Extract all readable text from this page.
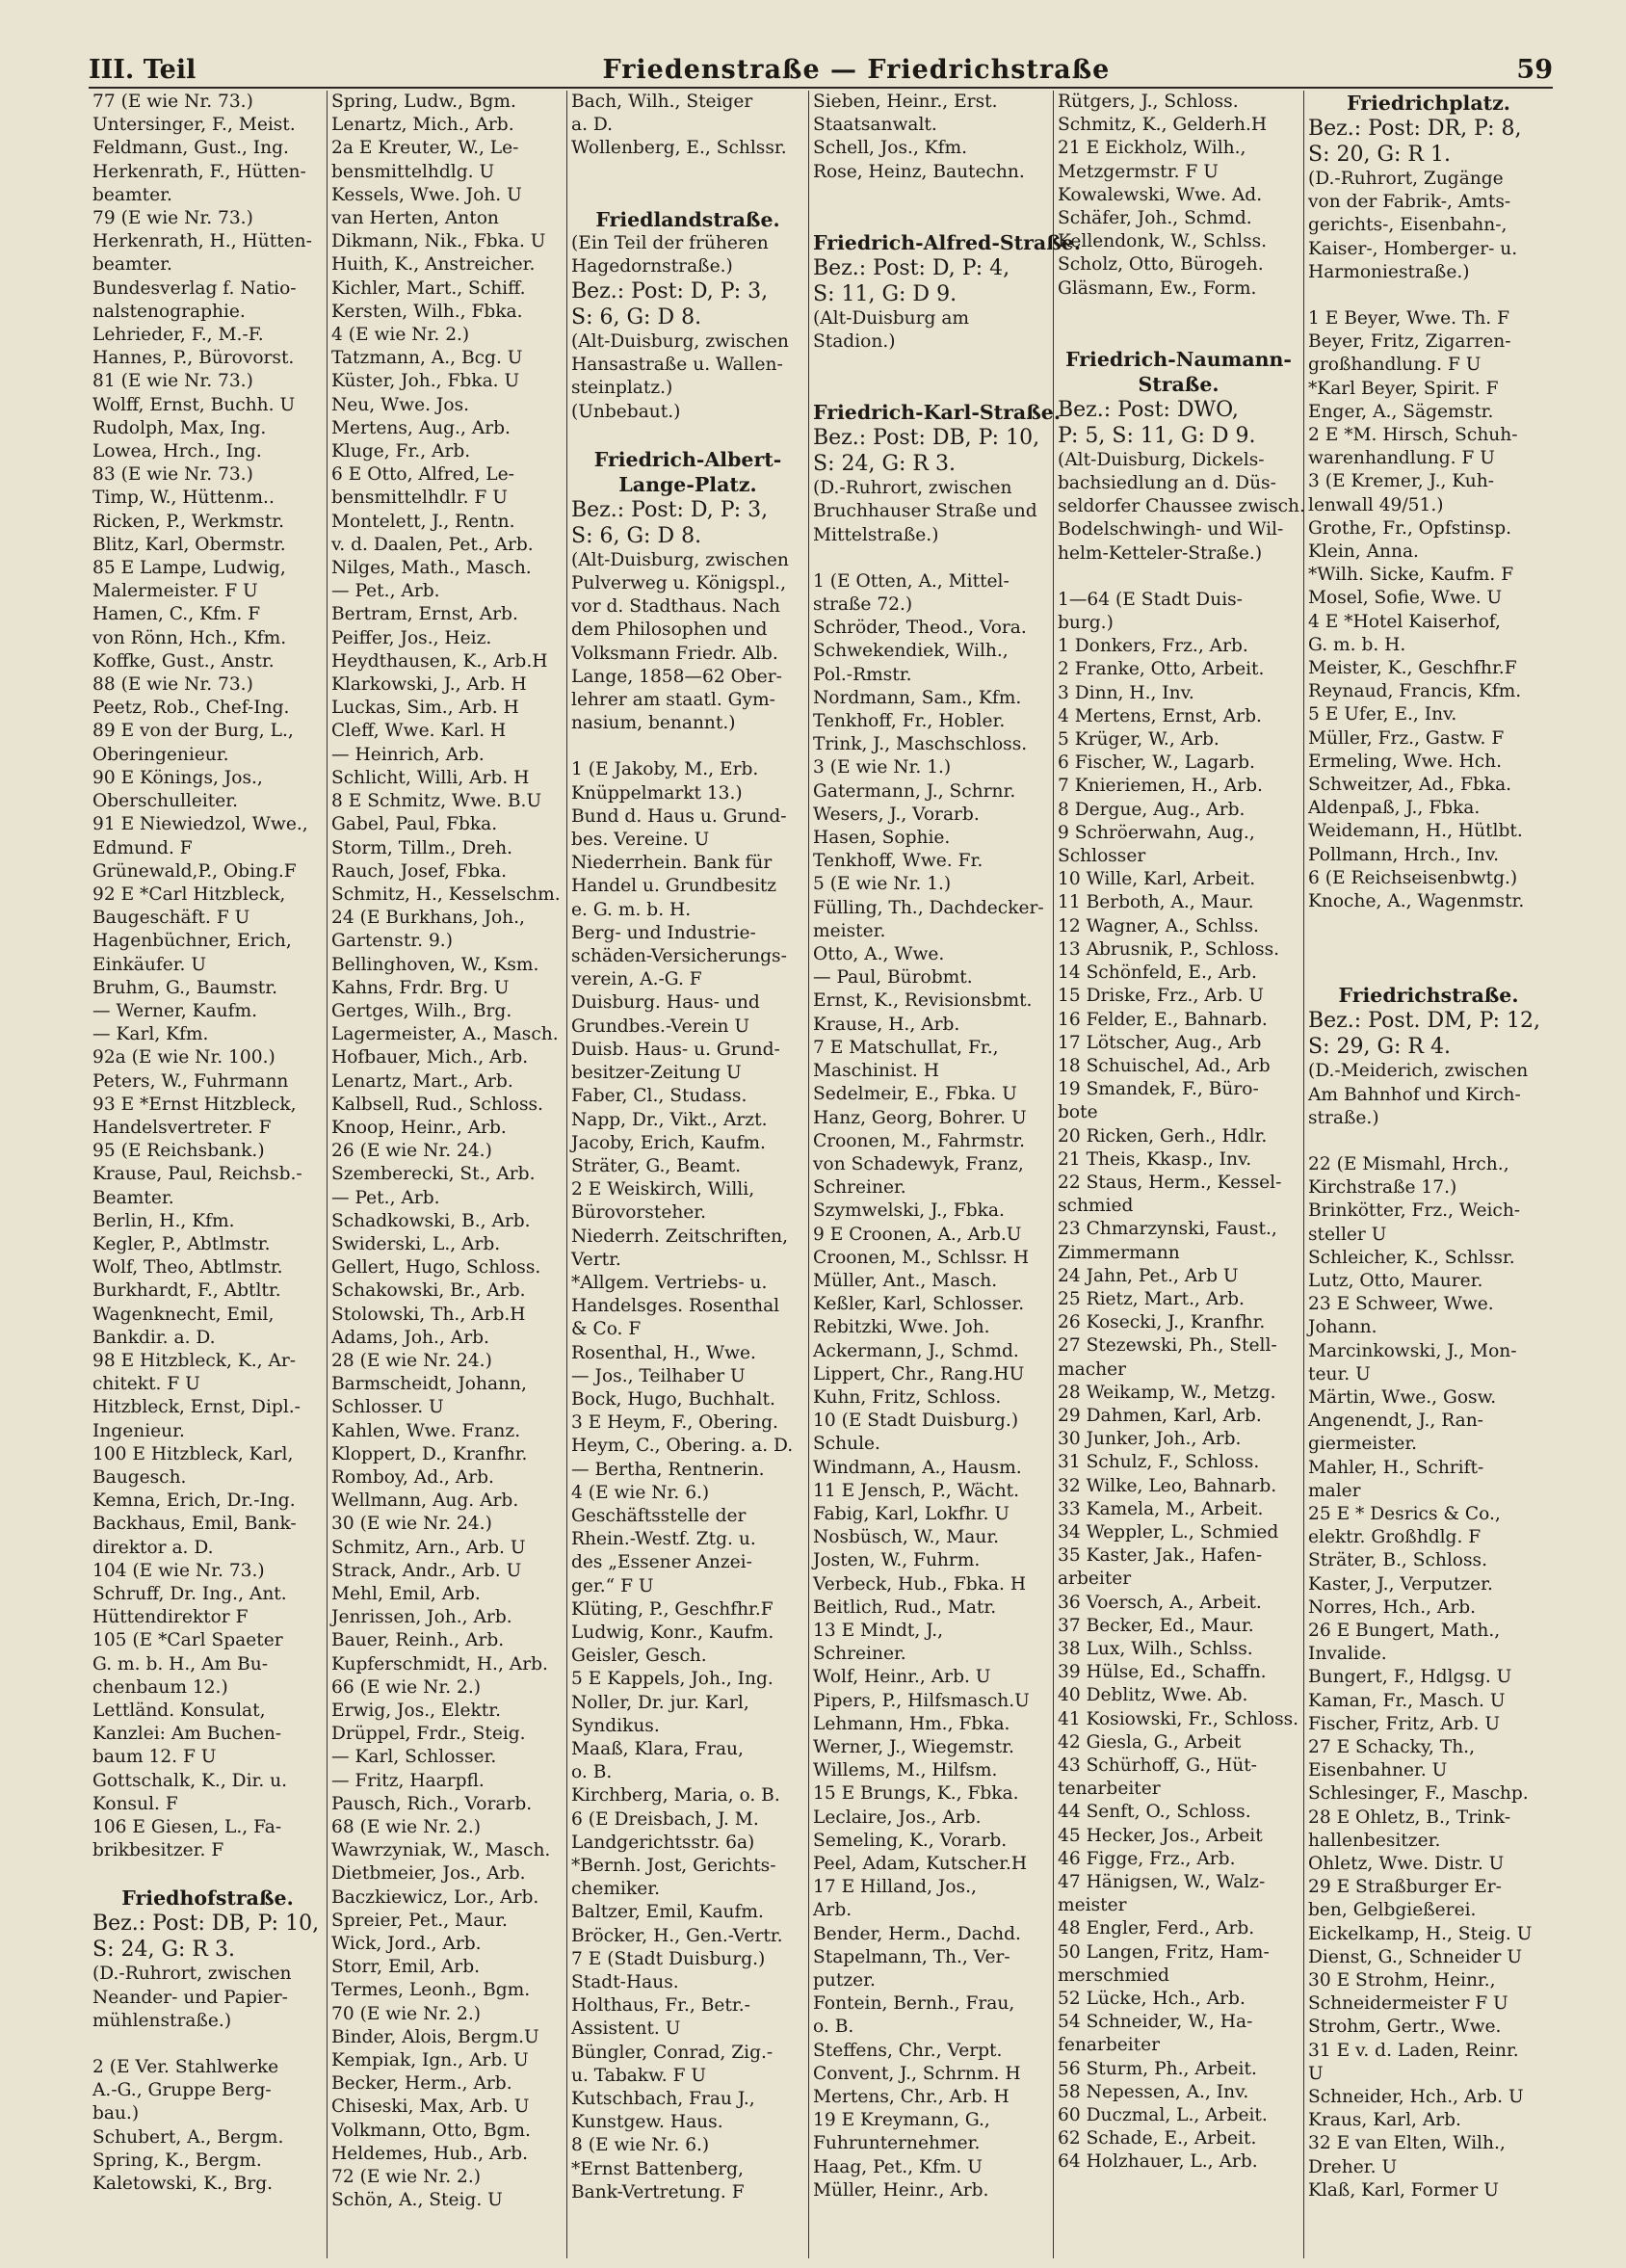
III. Teil	Friedenstraße — Friedrichstraße	59
77 (E wie Nr. 73.)
Untersinger, F., Meist.
Feldmann, Gust., Ing.
Herkenrath, F., Hütten-
beamter.
79 (E wie Nr. 73.)
Herkenrath, H., Hütten-
beamter.
Bundesverlag f. Natio-
nalstenographie.
Lehrieder, F., M.-F.
Hannes, P., Bürovorst.
81 (E wie Nr. 73.)
Wolff, Ernst, Buchh. U
Rudolph, Max, Ing.
Lowea, Hrch., Ing.
83 (E wie Nr. 73.)
Timp, W., Hüttenm..
Ricken, P., Werkmstr.
Blitz, Karl, Obermstr.
85 E Lampe, Ludwig,
Malermeister. F U
Hamen, C., Kfm. F
von Rönn, Hch., Kfm.
Koffke, Gust., Anstr.
88 (E wie Nr. 73.)
Peetz, Rob., Chef-Ing.
89 E von der Burg, L.,
Oberingenieur.
90 E Könings, Jos.,
Oberschulleiter.
91 E Niewiedzol, Wwe.,
Edmund. F
Grünewald,P., Obing.F
92 E *Carl Hitzbleck,
Baugeschäft. F U
Hagenbüchner, Erich,
Einkäufer. U
Bruhm, G., Baumstr.
— Werner, Kaufm.
— Karl, Kfm.
92a (E wie Nr. 100.)
Peters, W., Fuhrmann
93 E *Ernst Hitzbleck,
Handelsvertreter. F
95 (E Reichsbank.)
Krause, Paul, Reichsb.-
Beamter.
Berlin, H., Kfm.
Kegler, P., Abtlmstr.
Wolf, Theo, Abtlmstr.
Burkhardt, F., Abtltr.
Wagenknecht, Emil,
Bankdir. a. D.
98 E Hitzbleck, K., Ar-
chitekt. F U
Hitzbleck, Ernst, Dipl.-
Ingenieur.
100 E Hitzbleck, Karl,
Baugesch.
Kemna, Erich, Dr.-Ing.
Backhaus, Emil, Bank-
direktor a. D.
104 (E wie Nr. 73.)
Schruff, Dr. Ing., Ant.
Hüttendirektor F
105 (E *Carl Spaeter
G. m. b. H., Am Bu-
chenbaum 12.)
Lettländ. Konsulat,
Kanzlei: Am Buchen-
baum 12. F U
Gottschalk, K., Dir. u.
Konsul. F
106 E Giesen, L., Fa-
brikbesitzer. F
Friedhofstraße.
Bez.: Post: DB, P: 10,
S: 24, G: R 3.
(D.-Ruhrort, zwischen
Neander- und Papier-
mühlenstraße.)
2 (E Ver. Stahlwerke
A.-G., Gruppe Berg-
bau.)
Schubert, A., Bergm.
Spring, K., Bergm.
Kaletowski, K., Brg.
Spring, Ludw., Bgm.
Lenartz, Mich., Arb.
2a E Kreuter, W., Le-
bensmittelhdlg. U
Kessels, Wwe. Joh. U
van Herten, Anton
Dikmann, Nik., Fbka. U
Huith, K., Anstreicher.
Kichler, Mart., Schiff.
Kersten, Wilh., Fbka.
4 (E wie Nr. 2.)
Tatzmann, A., Bcg. U
Küster, Joh., Fbka. U
Neu, Wwe. Jos.
Mertens, Aug., Arb.
Kluge, Fr., Arb.
6 E Otto, Alfred, Le-
bensmittelhdlr. F U
Montelett, J., Rentn.
v. d. Daalen, Pet., Arb.
Nilges, Math., Masch.
— Pet., Arb.
Bertram, Ernst, Arb.
Peiffer, Jos., Heiz.
Heydthausen, K., Arb.H
Klarkowski, J., Arb. H
Luckas, Sim., Arb. H
Cleff, Wwe. Karl. H
— Heinrich, Arb.
Schlicht, Willi, Arb. H
8 E Schmitz, Wwe. B.U
Gabel, Paul, Fbka.
Storm, Tillm., Dreh.
Rauch, Josef, Fbka.
Schmitz, H., Kesselschm.
24 (E Burkhans, Joh.,
Gartenstr. 9.)
Bellinghoven, W., Ksm.
Kahns, Frdr. Brg. U
Gertges, Wilh., Brg.
Lagermeister, A., Masch.
Hofbauer, Mich., Arb.
Lenartz, Mart., Arb.
Kalbsell, Rud., Schloss.
Knoop, Heinr., Arb.
26 (E wie Nr. 24.)
Szemberecki, St., Arb.
— Pet., Arb.
Schadkowski, B., Arb.
Swiderski, L., Arb.
Gellert, Hugo, Schloss.
Schakowski, Br., Arb.
Stolowski, Th., Arb.H
Adams, Joh., Arb.
28 (E wie Nr. 24.)
Barmscheidt, Johann,
Schlosser. U
Kahlen, Wwe. Franz.
Kloppert, D., Kranfhr.
Romboy, Ad., Arb.
Wellmann, Aug. Arb.
30 (E wie Nr. 24.)
Schmitz, Arn., Arb. U
Strack, Andr., Arb. U
Mehl, Emil, Arb.
Jenrissen, Joh., Arb.
Bauer, Reinh., Arb.
Kupferschmidt, H., Arb.
66 (E wie Nr. 2.)
Erwig, Jos., Elektr.
Drüppel, Frdr., Steig.
— Karl, Schlosser.
— Fritz, Haarpfl.
Pausch, Rich., Vorarb.
68 (E wie Nr. 2.)
Wawrzyniak, W., Masch.
Dietbmeier, Jos., Arb.
Baczkiewicz, Lor., Arb.
Spreier, Pet., Maur.
Wick, Jord., Arb.
Storr, Emil, Arb.
Termes, Leonh., Bgm.
70 (E wie Nr. 2.)
Binder, Alois, Bergm.U
Kempiak, Ign., Arb. U
Becker, Herm., Arb.
Chiseski, Max, Arb. U
Volkmann, Otto, Bgm.
Heldemes, Hub., Arb.
72 (E wie Nr. 2.)
Schön, A., Steig. U
Bach, Wilh., Steiger
a. D.
Wollenberg, E., Schlssr.
Friedlandstraße.
(Ein Teil der früheren
Hagedornstraße.)
Bez.: Post: D, P: 3,
S: 6, G: D 8.
(Alt-Duisburg, zwischen
Hansastraße u. Wallen-
steinplatz.)
(Unbebaut.)
Friedrich-Albert-
Lange-Platz.
Bez.: Post: D, P: 3,
S: 6, G: D 8.
(Alt-Duisburg, zwischen
Pulverweg u. Königspl.,
vor d. Stadthaus. Nach
dem Philosophen und
Volksmann Friedr. Alb.
Lange, 1858—62 Ober-
lehrer am staatl. Gym-
nasium, benannt.)
1 (E Jakoby, M., Erb.
Knüppelmarkt 13.)
Bund d. Haus u. Grund-
bes. Vereine. U
Niederrhein. Bank für
Handel u. Grundbesitz
e. G. m. b. H.
Berg- und Industrie-
schäden-Versicherungs-
verein, A.-G. F
Duisburg. Haus- und
Grundbes.-Verein U
Duisb. Haus- u. Grund-
besitzer-Zeitung U
Faber, Cl., Studass.
Napp, Dr., Vikt., Arzt.
Jacoby, Erich, Kaufm.
Sträter, G., Beamt.
2 E Weiskirch, Willi,
Bürovorsteher.
Niederrh. Zeitschriften,
Vertr.
*Allgem. Vertriebs- u.
Handelsges. Rosenthal
& Co. F
Rosenthal, H., Wwe.
— Jos., Teilhaber U
Bock, Hugo, Buchhalt.
3 E Heym, F., Obering.
Heym, C., Obering. a. D.
— Bertha, Rentnerin.
4 (E wie Nr. 6.)
Geschäftsstelle der
Rhein.-Westf. Ztg. u.
des „Essener Anzei-
ger.“ F U
Klüting, P., Geschfhr.F
Ludwig, Konr., Kaufm.
Geisler, Gesch.
5 E Kappels, Joh., Ing.
Noller, Dr. jur. Karl,
Syndikus.
Maaß, Klara, Frau,
o. B.
Kirchberg, Maria, o. B.
6 (E Dreisbach, J. M.
Landgerichtsstr. 6a)
*Bernh. Jost, Gerichts-
chemiker.
Baltzer, Emil, Kaufm.
Bröcker, H., Gen.-Vertr.
7 E (Stadt Duisburg.)
Stadt-Haus.
Holthaus, Fr., Betr.-
Assistent. U
Büngler, Conrad, Zig.-
u. Tabakw. F U
Kutschbach, Frau J.,
Kunstgew. Haus.
8 (E wie Nr. 6.)
*Ernst Battenberg,
Bank-Vertretung. F
Sieben, Heinr., Erst.
Staatsanwalt.
Schell, Jos., Kfm.
Rose, Heinz, Bautechn.
Friedrich-Alfred-Straße.
Bez.: Post: D, P: 4,
S: 11, G: D 9.
(Alt-Duisburg am
Stadion.)
Friedrich-Karl-Straße.
Bez.: Post: DB, P: 10,
S: 24, G: R 3.
(D.-Ruhrort, zwischen
Bruchhauser Straße und
Mittelstraße.)
1 (E Otten, A., Mittel-
straße 72.)
Schröder, Theod., Vora.
Schwekendiek, Wilh.,
Pol.-Rmstr.
Nordmann, Sam., Kfm.
Tenkhoff, Fr., Hobler.
Trink, J., Maschschloss.
3 (E wie Nr. 1.)
Gatermann, J., Schrnr.
Wesers, J., Vorarb.
Hasen, Sophie.
Tenkhoff, Wwe. Fr.
5 (E wie Nr. 1.)
Fülling, Th., Dachdecker-
meister.
Otto, A., Wwe.
— Paul, Bürobmt.
Ernst, K., Revisionsbmt.
Krause, H., Arb.
7 E Matschullat, Fr.,
Maschinist. H
Sedelmeir, E., Fbka. U
Hanz, Georg, Bohrer. U
Croonen, M., Fahrmstr.
von Schadewyk, Franz,
Schreiner.
Szymwelski, J., Fbka.
9 E Croonen, A., Arb.U
Croonen, M., Schlssr. H
Müller, Ant., Masch.
Keßler, Karl, Schlosser.
Rebitzki, Wwe. Joh.
Ackermann, J., Schmd.
Lippert, Chr., Rang.HU
Kuhn, Fritz, Schloss.
10 (E Stadt Duisburg.)
Schule.
Windmann, A., Hausm.
11 E Jensch, P., Wächt.
Fabig, Karl, Lokfhr. U
Nosbüsch, W., Maur.
Josten, W., Fuhrm.
Verbeck, Hub., Fbka. H
Beitlich, Rud., Matr.
13 E Mindt, J.,
Schreiner.
Wolf, Heinr., Arb. U
Pipers, P., Hilfsmasch.U
Lehmann, Hm., Fbka.
Werner, J., Wiegemstr.
Willems, M., Hilfsm.
15 E Brungs, K., Fbka.
Leclaire, Jos., Arb.
Semeling, K., Vorarb.
Peel, Adam, Kutscher.H
17 E Hilland, Jos.,
Arb.
Bender, Herm., Dachd.
Stapelmann, Th., Ver-
putzer.
Fontein, Bernh., Frau,
o. B.
Steffens, Chr., Verpt.
Convent, J., Schrnm. H
Mertens, Chr., Arb. H
19 E Kreymann, G.,
Fuhrunternehmer.
Haag, Pet., Kfm. U
Müller, Heinr., Arb.
Rütgers, J., Schloss.
Schmitz, K., Gelderh.H
21 E Eickholz, Wilh.,
Metzgermstr. F U
Kowalewski, Wwe. Ad.
Schäfer, Joh., Schmd.
Kellendonk, W., Schlss.
Scholz, Otto, Bürogeh.
Gläsmann, Ew., Form.
Friedrich-Naumann-
Straße.
Bez.: Post: DWO,
P: 5, S: 11, G: D 9.
(Alt-Duisburg, Dickels-
bachsiedlung an d. Düs-
seldorfer Chaussee zwisch.
Bodelschwingh- und Wil-
helm-Ketteler-Straße.)
1—64 (E Stadt Duis-
burg.)
1 Donkers, Frz., Arb.
2 Franke, Otto, Arbeit.
3 Dinn, H., Inv.
4 Mertens, Ernst, Arb.
5 Krüger, W., Arb.
6 Fischer, W., Lagarb.
7 Knieriemen, H., Arb.
8 Dergue, Aug., Arb.
9 Schröerwahn, Aug.,
Schlosser
10 Wille, Karl, Arbeit.
11 Berboth, A., Maur.
12 Wagner, A., Schlss.
13 Abrusnik, P., Schloss.
14 Schönfeld, E., Arb.
15 Driske, Frz., Arb. U
16 Felder, E., Bahnarb.
17 Lötscher, Aug., Arb
18 Schuischel, Ad., Arb
19 Smandek, F., Büro-
bote
20 Ricken, Gerh., Hdlr.
21 Theis, Kkasp., Inv.
22 Staus, Herm., Kessel-
schmied
23 Chmarzynski, Faust.,
Zimmermann
24 Jahn, Pet., Arb U
25 Rietz, Mart., Arb.
26 Kosecki, J., Kranfhr.
27 Stezewski, Ph., Stell-
macher
28 Weikamp, W., Metzg.
29 Dahmen, Karl, Arb.
30 Junker, Joh., Arb.
31 Schulz, F., Schloss.
32 Wilke, Leo, Bahnarb.
33 Kamela, M., Arbeit.
34 Weppler, L., Schmied
35 Kaster, Jak., Hafen-
arbeiter
36 Voersch, A., Arbeit.
37 Becker, Ed., Maur.
38 Lux, Wilh., Schlss.
39 Hülse, Ed., Schaffn.
40 Deblitz, Wwe. Ab.
41 Kosiowski, Fr., Schloss.
42 Giesla, G., Arbeit
43 Schürhoff, G., Hüt-
tenarbeiter
44 Senft, O., Schloss.
45 Hecker, Jos., Arbeit
46 Figge, Frz., Arb.
47 Hänigsen, W., Walz-
meister
48 Engler, Ferd., Arb.
50 Langen, Fritz, Ham-
merschmied
52 Lücke, Hch., Arb.
54 Schneider, W., Ha-
fenarbeiter
56 Sturm, Ph., Arbeit.
58 Nepessen, A., Inv.
60 Duczmal, L., Arbeit.
62 Schade, E., Arbeit.
64 Holzhauer, L., Arb.
Friedrichplatz.
Bez.: Post: DR, P: 8,
S: 20, G: R 1.
(D.-Ruhrort, Zugänge
von der Fabrik-, Amts-
gerichts-, Eisenbahn-,
Kaiser-, Homberger- u.
Harmoniestraße.)
1 E Beyer, Wwe. Th. F
Beyer, Fritz, Zigarren-
großhandlung. F U
*Karl Beyer, Spirit. F
Enger, A., Sägemstr.
2 E *M. Hirsch, Schuh-
warenhandlung. F U
3 (E Kremer, J., Kuh-
lenwall 49/51.)
Grothe, Fr., Opfstinsp.
Klein, Anna.
*Wilh. Sicke, Kaufm. F
Mosel, Sofie, Wwe. U
4 E *Hotel Kaiserhof,
G. m. b. H.
Meister, K., Geschfhr.F
Reynaud, Francis, Kfm.
5 E Ufer, E., Inv.
Müller, Frz., Gastw. F
Ermeling, Wwe. Hch.
Schweitzer, Ad., Fbka.
Aldenpaß, J., Fbka.
Weidemann, H., Hütlbt.
Pollmann, Hrch., Inv.
6 (E Reichseisenbwtg.)
Knoche, A., Wagenmstr.
Friedrichstraße.
Bez.: Post. DM, P: 12,
S: 29, G: R 4.
(D.-Meiderich, zwischen
Am Bahnhof und Kirch-
straße.)
22 (E Mismahl, Hrch.,
Kirchstraße 17.)
Brinkötter, Frz., Weich-
steller U
Schleicher, K., Schlssr.
Lutz, Otto, Maurer.
23 E Schweer, Wwe.
Johann.
Marcinkowski, J., Mon-
teur. U
Märtin, Wwe., Gosw.
Angenendt, J., Ran-
giermeister.
Mahler, H., Schrift-
maler
25 E * Desrics & Co.,
elektr. Großhdlg. F
Sträter, B., Schloss.
Kaster, J., Verputzer.
Norres, Hch., Arb.
26 E Bungert, Math.,
Invalide.
Bungert, F., Hdlgsg. U
Kaman, Fr., Masch. U
Fischer, Fritz, Arb. U
27 E Schacky, Th.,
Eisenbahner. U
Schlesinger, F., Maschp.
28 E Ohletz, B., Trink-
hallenbesitzer.
Ohletz, Wwe. Distr. U
29 E Straßburger Er-
ben, Gelbgießerei.
Eickelkamp, H., Steig. U
Dienst, G., Schneider U
30 E Strohm, Heinr.,
Schneidermeister F U
Strohm, Gertr., Wwe.
31 E v. d. Laden, Reinr.
U
Schneider, Hch., Arb. U
Kraus, Karl, Arb.
32 E van Elten, Wilh.,
Dreher. U
Klaß, Karl, Former U
